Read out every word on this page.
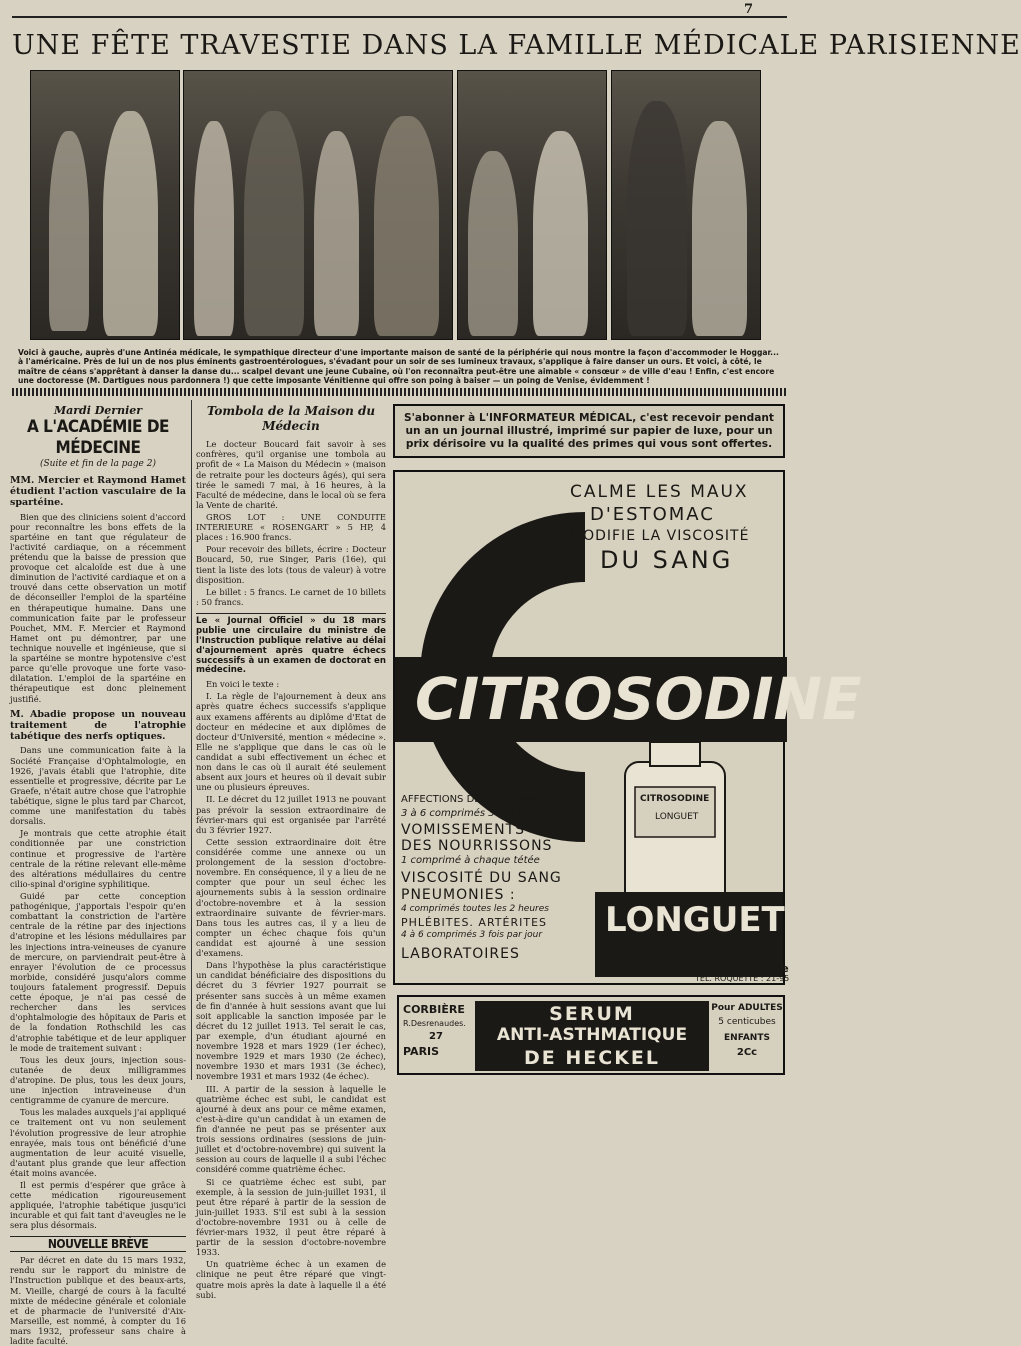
7
UNE FÊTE TRAVESTIE DANS LA FAMILLE MÉDICALE PARISIENNE
Voici à gauche, auprès d'une Antinéa médicale, le sympathique directeur d'une importante maison de santé de la périphérie qui nous montre la façon d'accommoder le Hoggar... à l'américaine. Près de lui un de nos plus éminents gastroentérologues, s'évadant pour un soir de ses lumineux travaux, s'applique à faire danser un ours. Et voici, à côté, le maître de céans s'apprêtant à danser la danse du... scalpel devant une jeune Cubaine, où l'on reconnaîtra peut-être une aimable « consœur » de ville d'eau ! Enfin, c'est encore une doctoresse (M. Dartigues nous pardonnera !) que cette imposante Vénitienne qui offre son poing à baiser — un poing de Venise, évidemment !
Mardi Dernier
A L'ACADÉMIE DE MÉDECINE
(Suite et fin de la page 2)
MM. Mercier et Raymond Hamet étudient l'action vasculaire de la spartéine.

Bien que des cliniciens soient d'accord pour reconnaître les bons effets de la spartéine en tant que régulateur de l'activité cardiaque, on a récemment prétendu que la baisse de pression que provoque cet alcaloïde est due à une diminution de l'activité cardiaque et on a trouvé dans cette observation un motif de déconseiller l'emploi de la spartéine en thérapeutique humaine. Dans une communication faite par le professeur Pouchet, MM. F. Mercier et Raymond Hamet ont pu démontrer, par une technique nouvelle et ingénieuse, que si la spartéine se montre hypotensive c'est parce qu'elle provoque une forte vaso-dilatation. L'emploi de la spartéine en thérapeutique est donc pleinement justifié.

M. Abadie propose un nouveau traitement de l'atrophie tabétique des nerfs optiques.

Dans une communication faite à la Société Française d'Ophtalmologie, en 1926, j'avais établi que l'atrophie, dite essentielle et progressive, décrite par Le Graefe, n'était autre chose que l'atrophie tabétique, signe le plus tard par Charcot, comme une manifestation du tabès dorsalis.

Je montrais que cette atrophie était conditionnée par une constriction continue et progressive de l'artère centrale de la rétine relevant elle-même des altérations médullaires du centre cilio-spinal d'origine syphilitique.

Guidé par cette conception pathogénique, j'apportais l'espoir qu'en combattant la constriction de l'artère centrale de la rétine par des injections d'atropine et les lésions médullaires par les injections intra-veineuses de cyanure de mercure, on parviendrait peut-être à enrayer l'évolution de ce processus morbide, considéré jusqu'alors comme toujours fatalement progressif. Depuis cette époque, je n'ai pas cessé de rechercher dans les services d'ophtalmologie des hôpitaux de Paris et de la fondation Rothschild les cas d'atrophie tabétique et de leur appliquer le mode de traitement suivant :

Tous les deux jours, injection sous-cutanée de deux milligrammes d'atropine. De plus, tous les deux jours, une injection intraveineuse d'un centigramme de cyanure de mercure.

Tous les malades auxquels j'ai appliqué ce traitement ont vu non seulement l'évolution progressive de leur atrophie enrayée, mais tous ont bénéficié d'une augmentation de leur acuité visuelle, d'autant plus grande que leur affection était moins avancée.

Il est permis d'espérer que grâce à cette médication rigoureusement appliquée, l'atrophie tabétique jusqu'ici incurable et qui fait tant d'aveugles ne le sera plus désormais.

NOUVELLE BRÈVE

Par décret en date du 15 mars 1932, rendu sur le rapport du ministre de l'Instruction publique et des beaux-arts, M. Vieille, chargé de cours à la faculté mixte de médecine générale et coloniale et de pharmacie de l'université d'Aix-Marseille, est nommé, à compter du 16 mars 1932, professeur sans chaire à ladite faculté.

Tombola de la Maison du Médecin

Le docteur Boucard fait savoir à ses confrères, qu'il organise une tombola au profit de « La Maison du Médecin » (maison de retraite pour les docteurs âgés), qui sera tirée le samedi 7 mai, à 16 heures, à la Faculté de médecine, dans le local où se fera la Vente de charité.

GROS LOT : UNE CONDUITE INTERIEURE « ROSENGART » 5 HP, 4 places : 16.900 francs.

Pour recevoir des billets, écrire : Docteur Boucard, 50, rue Singer, Paris (16e), qui tient la liste des lots (tous de valeur) à votre disposition.

Le billet : 5 francs. Le carnet de 10 billets : 50 francs.

Le « Journal Officiel » du 18 mars publie une circulaire du ministre de l'Instruction publique relative au délai d'ajournement après quatre échecs successifs à un examen de doctorat en médecine.

En voici le texte :

I. La règle de l'ajournement à deux ans après quatre échecs successifs s'applique aux examens afférents au diplôme d'Etat de docteur en médecine et aux diplômes de docteur d'Université, mention « médecine ». Elle ne s'applique que dans le cas où le candidat a subi effectivement un échec et non dans le cas où il aurait été seulement absent aux jours et heures où il devait subir une ou plusieurs épreuves.

II. Le décret du 12 juillet 1913 ne pouvant pas prévoir la session extraordinaire de février-mars qui est organisée par l'arrêté du 3 février 1927.

Cette session extraordinaire doit être considérée comme une annexe ou un prolongement de la session d'octobre-novembre. En conséquence, il y a lieu de ne compter que pour un seul échec les ajournements subis à la session ordinaire d'octobre-novembre et à la session extraordinaire suivante de février-mars. Dans tous les autres cas, il y a lieu de compter un échec chaque fois qu'un candidat est ajourné à une session d'examens.

Dans l'hypothèse la plus caractéristique un candidat bénéficiaire des dispositions du décret du 3 février 1927 pourrait se présenter sans succès à un même examen de fin d'année à huit sessions avant que lui soit applicable la sanction imposée par le décret du 12 juillet 1913. Tel serait le cas, par exemple, d'un étudiant ajourné en novembre 1928 et mars 1929 (1er échec), novembre 1929 et mars 1930 (2e échec), novembre 1930 et mars 1931 (3e échec), novembre 1931 et mars 1932 (4e échec).

III. A partir de la session à laquelle le quatrième échec est subi, le candidat est ajourné à deux ans pour ce même examen, c'est-à-dire qu'un candidat à un examen de fin d'année ne peut pas se présenter aux trois sessions ordinaires (sessions de juin-juillet et d'octobre-novembre) qui suivent la session au cours de laquelle il a subi l'échec considéré comme quatrième échec.

Si ce quatrième échec est subi, par exemple, à la session de juin-juillet 1931, il peut être réparé à partir de la session de juin-juillet 1933. S'il est subi à la session d'octobre-novembre 1931 ou à celle de février-mars 1932, il peut être réparé à partir de la session d'octobre-novembre 1933.

Un quatrième échec à un examen de clinique ne peut être réparé que vingt-quatre mois après la date à laquelle il a été subi.

S'abonner à L'INFORMATEUR MÉDICAL, c'est recevoir pendant un an un journal illustré, imprimé sur papier de luxe, pour un prix dérisoire vu la qualité des primes qui vous sont offertes.
CALME LES MAUX
D'ESTOMAC
MODIFIE LA VISCOSITÉ
DU SANG
CITROSODINE
CITROSODINE
LONGUET
AFFECTIONS DE L'ESTOMAC
3 à 6 comprimés 3 fois par jour
VOMISSEMENTS
DES NOURRISSONS
1 comprimé à chaque tétée
VISCOSITÉ DU SANG
PNEUMONIES :
4 comprimés toutes les 2 heures
PHLÉBITES. ARTÉRITES
4 à 6 comprimés 3 fois par jour
LABORATOIRES
LONGUET
34, RUE SEDAINE . PARIS XIe
TÉL. ROQUETTE : 21-95
CORBIÈRE
R.Desrenaudes.
27
PARIS
SERUM
ANTI-ASTHMATIQUE
DE HECKEL
Pour ADULTES
5 centicubes
ENFANTS
2Cc
